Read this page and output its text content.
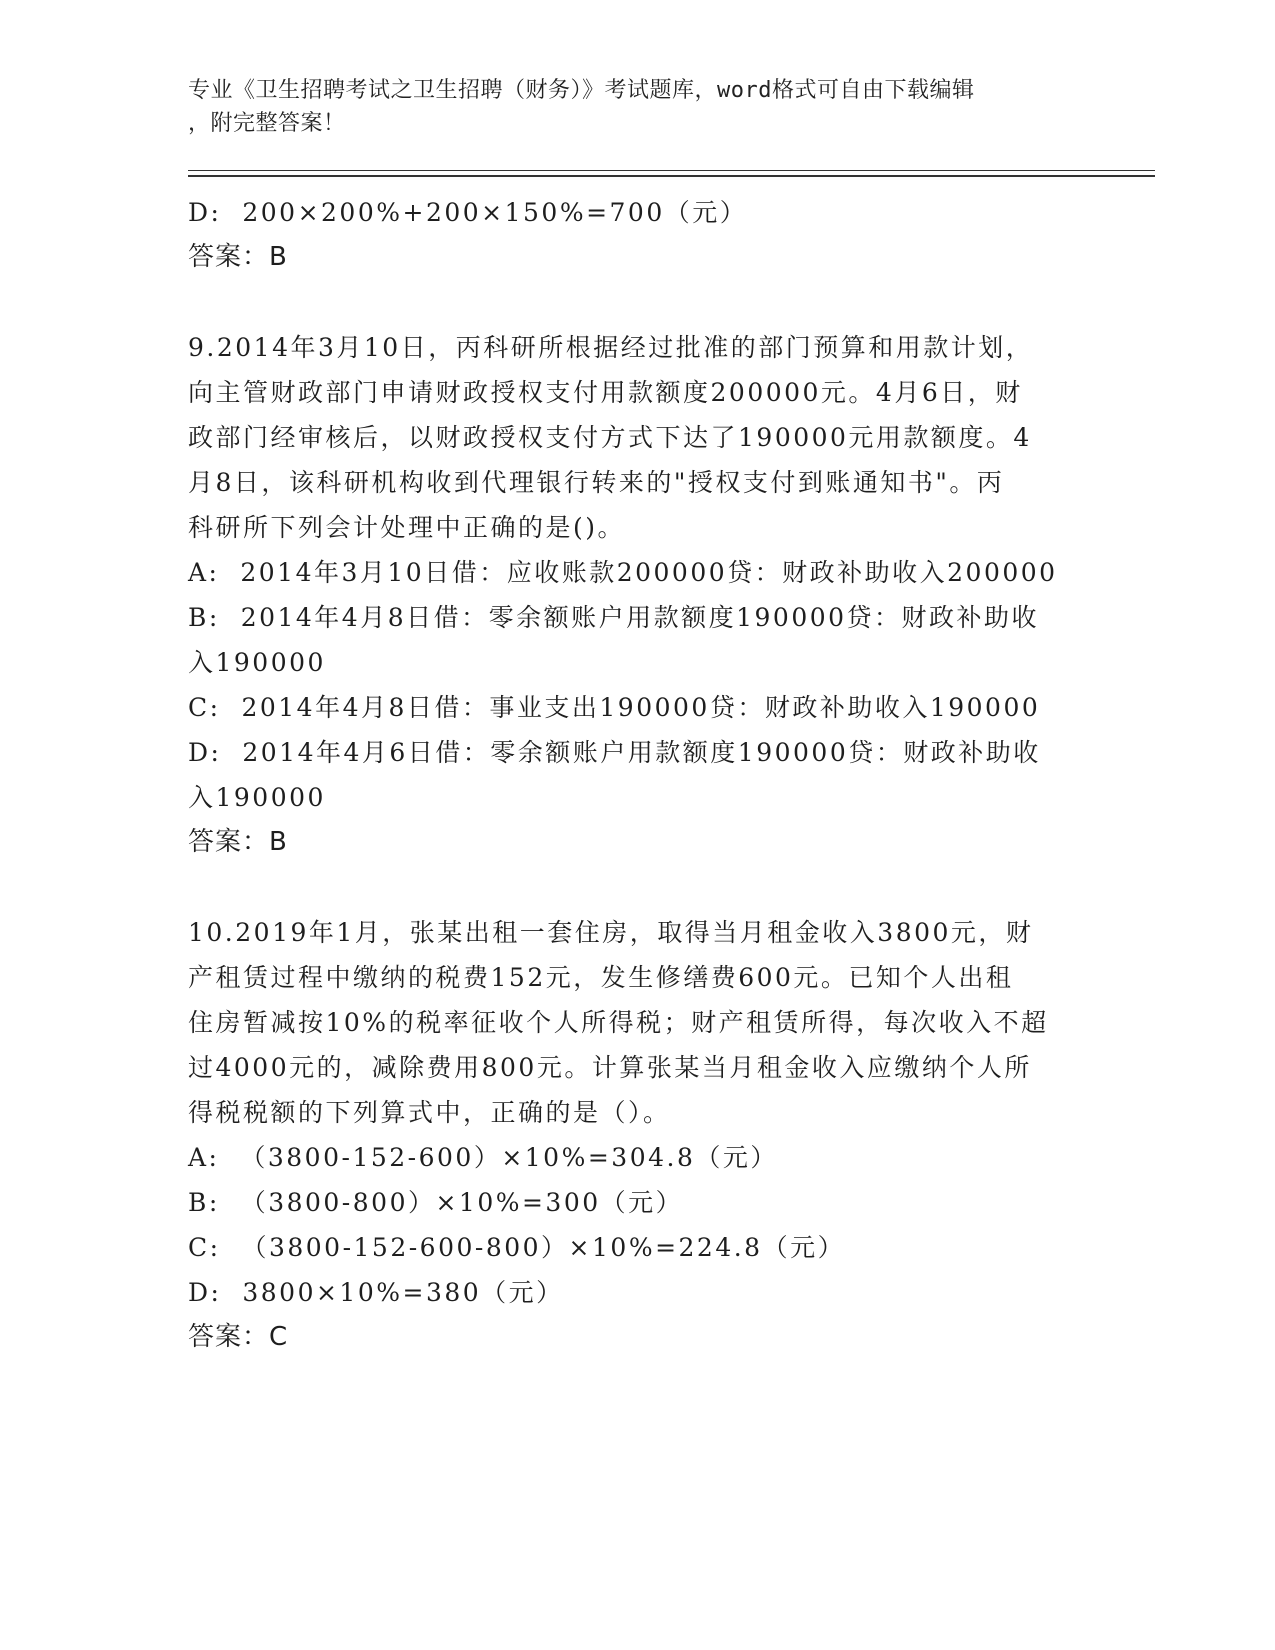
专业《卫生招聘考试之卫生招聘（财务）》考试题库，word格式可自由下载编辑
，附完整答案！
D:  200×200%+200×150%=700（元）
答案：B
9.2014年3月10日，丙科研所根据经过批准的部门预算和用款计划，
向主管财政部门申请财政授权支付用款额度200000元。4月6日，财
政部门经审核后，以财政授权支付方式下达了190000元用款额度。4
月8日，该科研机构收到代理银行转来的"授权支付到账通知书"。丙
科研所下列会计处理中正确的是()。
A:  2014年3月10日借：应收账款200000贷：财政补助收入200000
B:  2014年4月8日借：零余额账户用款额度190000贷：财政补助收
入190000
C:  2014年4月8日借：事业支出190000贷：财政补助收入190000
D:  2014年4月6日借：零余额账户用款额度190000贷：财政补助收
入190000
答案：B
10.2019年1月，张某出租一套住房，取得当月租金收入3800元，财
产租赁过程中缴纳的税费152元，发生修缮费600元。已知个人出租
住房暂减按10%的税率征收个人所得税；财产租赁所得，每次收入不超
过4000元的，减除费用800元。计算张某当月租金收入应缴纳个人所
得税税额的下列算式中，正确的是（）。
A:  （3800-152-600）×10%=304.8（元）
B:  （3800-800）×10%=300（元）
C:  （3800-152-600-800）×10%=224.8（元）
D:  3800×10%=380（元）
答案：C
